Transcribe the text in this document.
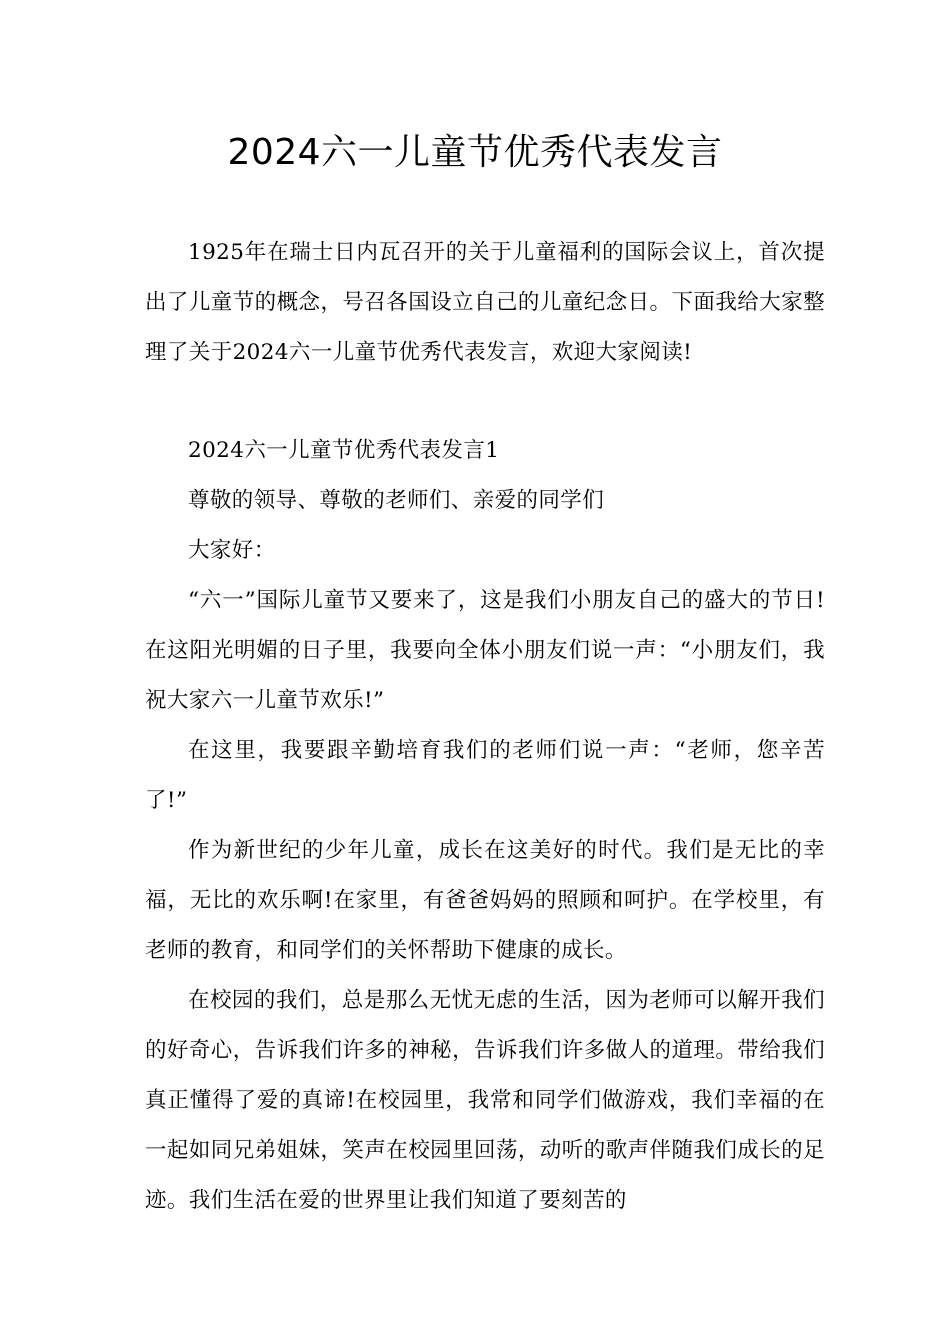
2024六一儿童节优秀代表发言

1925年在瑞士日内瓦召开的关于儿童福利的国际会议上，首次提出了儿童节的概念，号召各国设立自己的儿童纪念日。下面我给大家整理了关于2024六一儿童节优秀代表发言，欢迎大家阅读!

2024六一儿童节优秀代表发言1

尊敬的领导、尊敬的老师们、亲爱的同学们

大家好：

“六一”国际儿童节又要来了，这是我们小朋友自己的盛大的节日!在这阳光明媚的日子里，我要向全体小朋友们说一声：“小朋友们，我祝大家六一儿童节欢乐!”

在这里，我要跟辛勤培育我们的老师们说一声：“老师，您辛苦了!”

作为新世纪的少年儿童，成长在这美好的时代。我们是无比的幸福，无比的欢乐啊!在家里，有爸爸妈妈的照顾和呵护。在学校里，有老师的教育，和同学们的关怀帮助下健康的成长。

在校园的我们，总是那么无忧无虑的生活，因为老师可以解开我们的好奇心，告诉我们许多的神秘，告诉我们许多做人的道理。带给我们真正懂得了爱的真谛!在校园里，我常和同学们做游戏，我们幸福的在一起如同兄弟姐妹，笑声在校园里回荡，动听的歌声伴随我们成长的足迹。我们生活在爱的世界里让我们知道了要刻苦的
